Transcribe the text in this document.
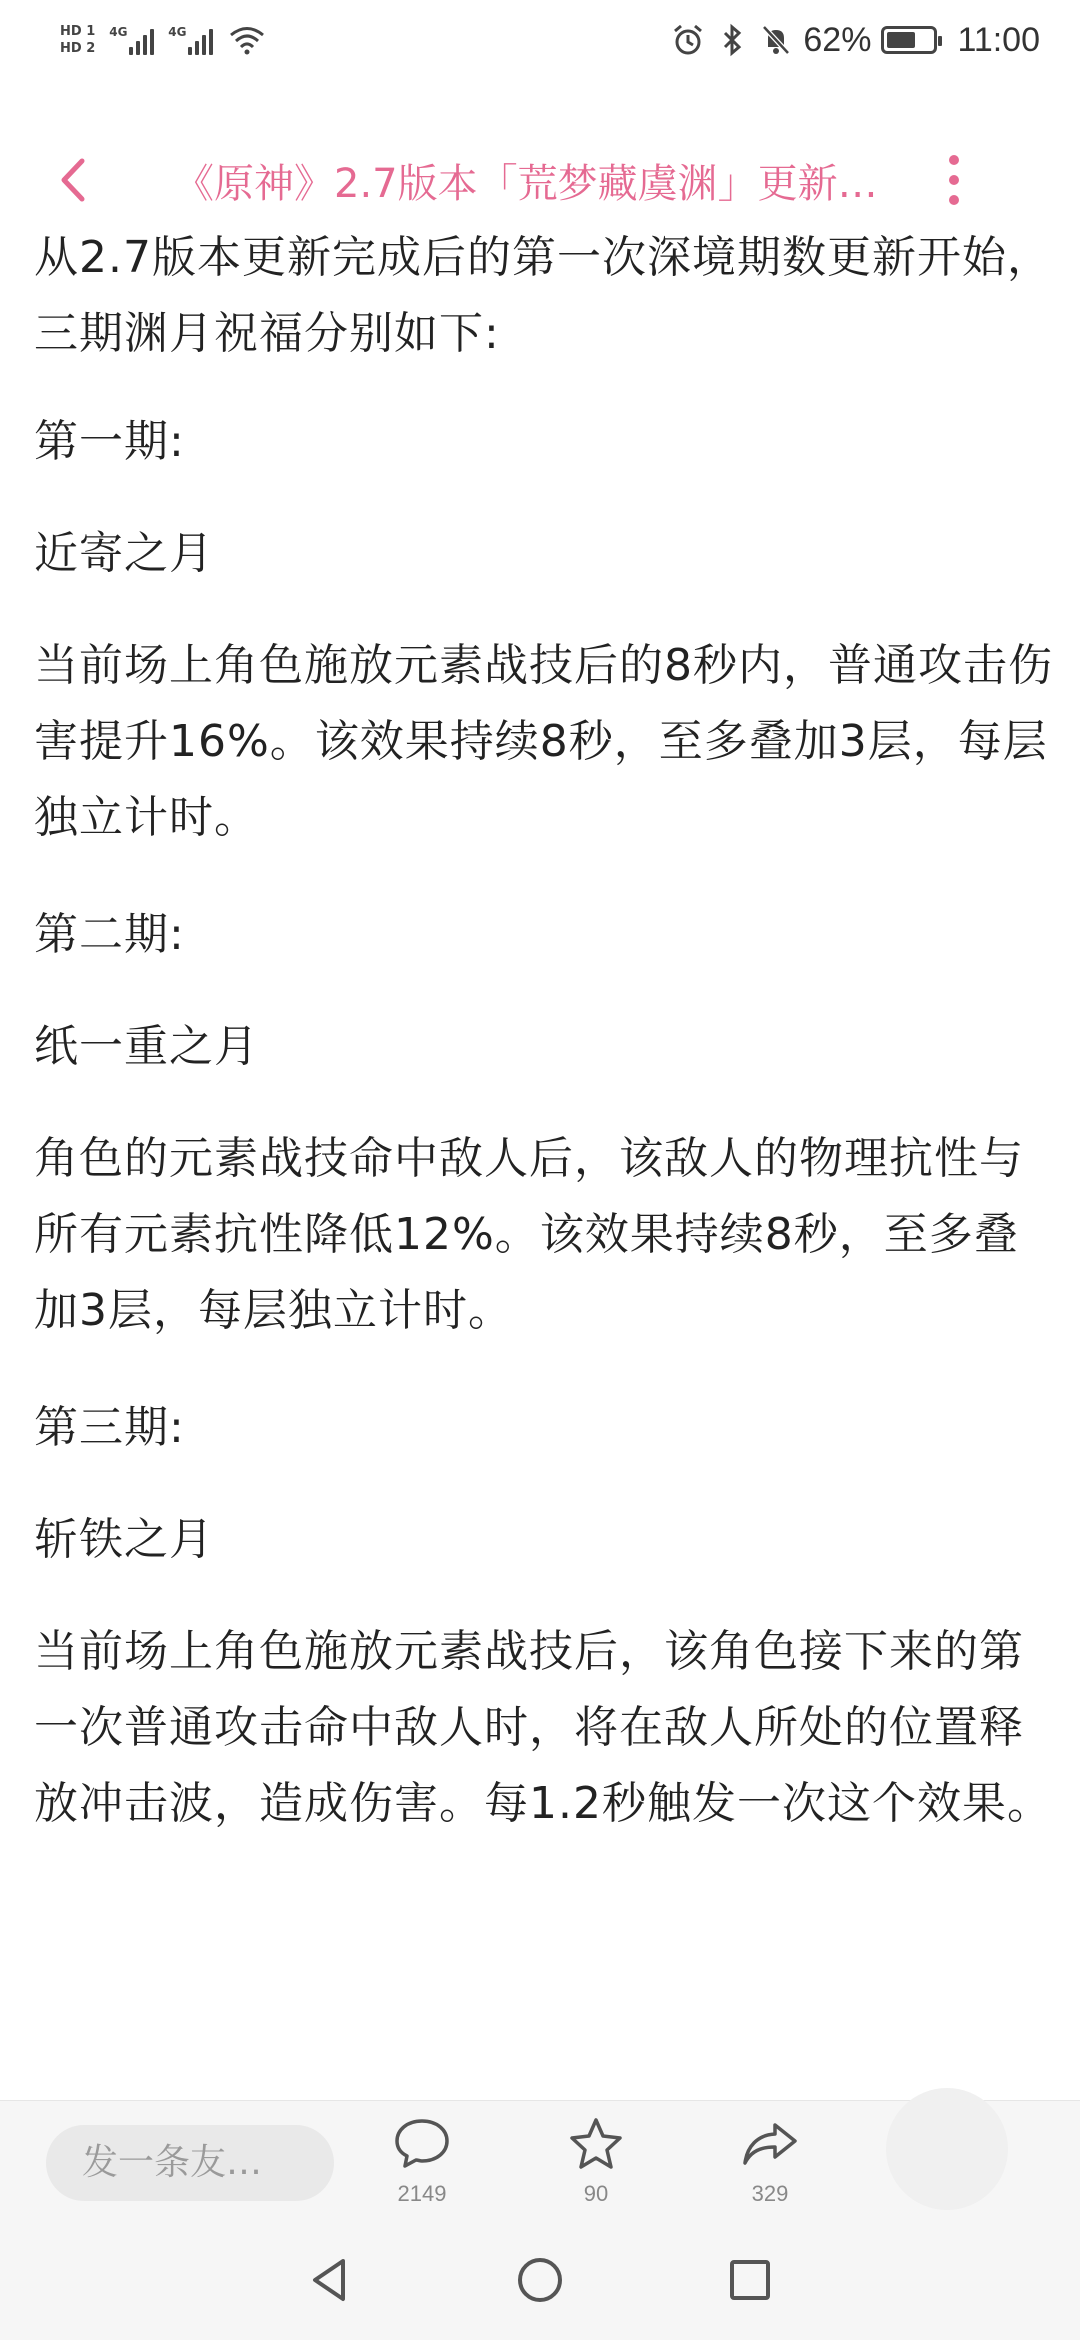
从2.7版本更新完成后的第一次深境期数更新开始，三期渊月祝福分别如下:

第一期:

近寄之月

当前场上角色施放元素战技后的8秒内，普通攻击伤害提升16%。该效果持续8秒，至多叠加3层，每层独立计时。

第二期:

纸一重之月

角色的元素战技命中敌人后，该敌人的物理抗性与所有元素抗性降低12%。该效果持续8秒，至多叠加3层，每层独立计时。

第三期:

斩铁之月

当前场上角色施放元素战技后，该角色接下来的第一次普通攻击命中敌人时，将在敌人所处的位置释放冲击波，造成伤害。每1.2秒触发一次这个效果。

HD 1
HD 2
4G	4G	62%	11:00
《原神》2.7版本「荒梦藏虞渊」更新…
发一条友…
2149	90	329
